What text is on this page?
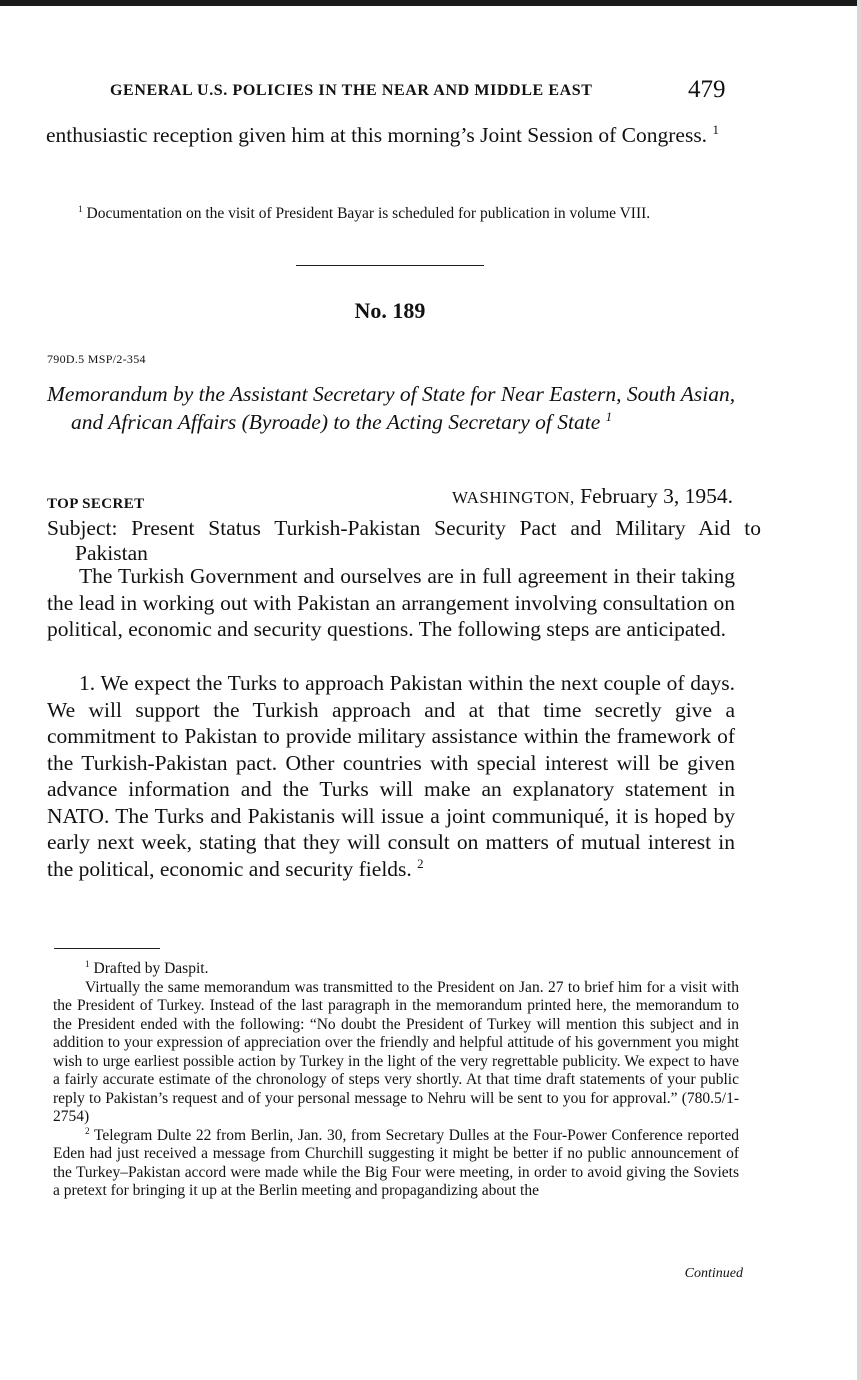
GENERAL U.S. POLICIES IN THE NEAR AND MIDDLE EAST	479
enthusiastic reception given him at this morning’s Joint Session of Congress. $^1$

$^1$ Documentation on the visit of President Bayar is scheduled for publication in volume VIII.

No. 189
790D.5 MSP/2-354
Memorandum by the Assistant Secretary of State for Near Eastern, South Asian, and African Affairs (Byroade) to the Acting Secretary of State $^1$
TOP SECRET	WASHINGTON, February 3, 1954.
Subject: Present Status Turkish-Pakistan Security Pact and Military Aid to Pakistan
The Turkish Government and ourselves are in full agreement in their taking the lead in working out with Pakistan an arrangement involving consultation on political, economic and security questions. The following steps are anticipated.
1. We expect the Turks to approach Pakistan within the next couple of days. We will support the Turkish approach and at that time secretly give a commitment to Pakistan to provide military assistance within the framework of the Turkish-Pakistan pact. Other countries with special interest will be given advance information and the Turks will make an explanatory statement in NATO. The Turks and Pakistanis will issue a joint communiqué, it is hoped by early next week, stating that they will consult on matters of mutual interest in the political, economic and security fields. $^2$

$^1$ Drafted by Daspit.

Virtually the same memorandum was transmitted to the President on Jan. 27 to brief him for a visit with the President of Turkey. Instead of the last paragraph in the memorandum printed here, the memorandum to the President ended with the following: “No doubt the President of Turkey will mention this subject and in addition to your expression of appreciation over the friendly and helpful attitude of his government you might wish to urge earliest possible action by Turkey in the light of the very regrettable publicity. We expect to have a fairly accurate estimate of the chronology of steps very shortly. At that time draft statements of your public reply to Pakistan’s request and of your personal message to Nehru will be sent to you for approval.” (780.5/1-2754)

$^2$ Telegram Dulte 22 from Berlin, Jan. 30, from Secretary Dulles at the Four-Power Conference reported Eden had just received a message from Churchill suggesting it might be better if no public announcement of the Turkey–Pakistan accord were made while the Big Four were meeting, in order to avoid giving the Soviets a pretext for bringing it up at the Berlin meeting and propagandizing about the

Continued
